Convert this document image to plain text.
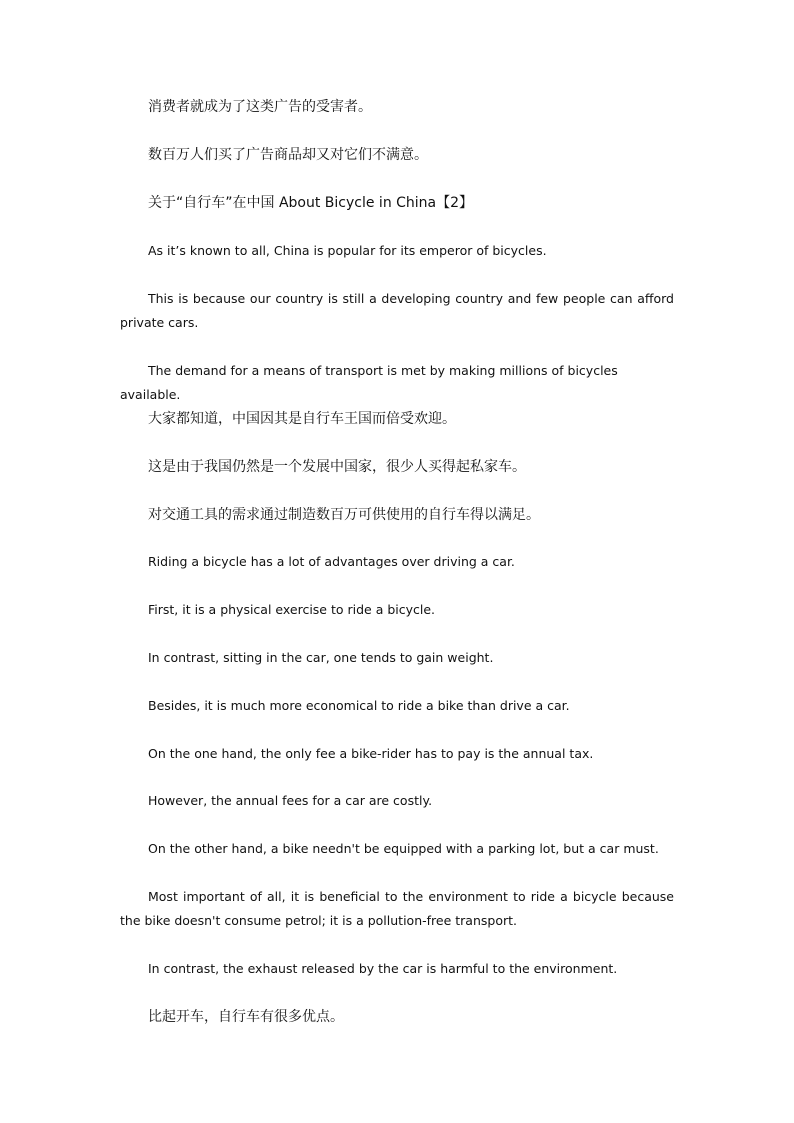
消费者就成为了这类广告的受害者。

数百万人们买了广告商品却又对它们不满意。

关于“自行车”在中国 About Bicycle in China【2】

As it’s known to all, China is popular for its emperor of bicycles.

This is because our country is still a developing country and few people can afford private cars.

The demand for a means of transport is met by making millions of bicycles available.

大家都知道，中国因其是自行车王国而倍受欢迎。

这是由于我国仍然是一个发展中国家，很少人买得起私家车。

对交通工具的需求通过制造数百万可供使用的自行车得以满足。

Riding a bicycle has a lot of advantages over driving a car.

First, it is a physical exercise to ride a bicycle.

In contrast, sitting in the car, one tends to gain weight.

Besides, it is much more economical to ride a bike than drive a car.

On the one hand, the only fee a bike-rider has to pay is the annual tax.

However, the annual fees for a car are costly.

On the other hand, a bike needn't be equipped with a parking lot, but a car must.

Most important of all, it is beneficial to the environment to ride a bicycle because the bike doesn't consume petrol; it is a pollution-free transport.

In contrast, the exhaust released by the car is harmful to the environment.

比起开车，自行车有很多优点。
